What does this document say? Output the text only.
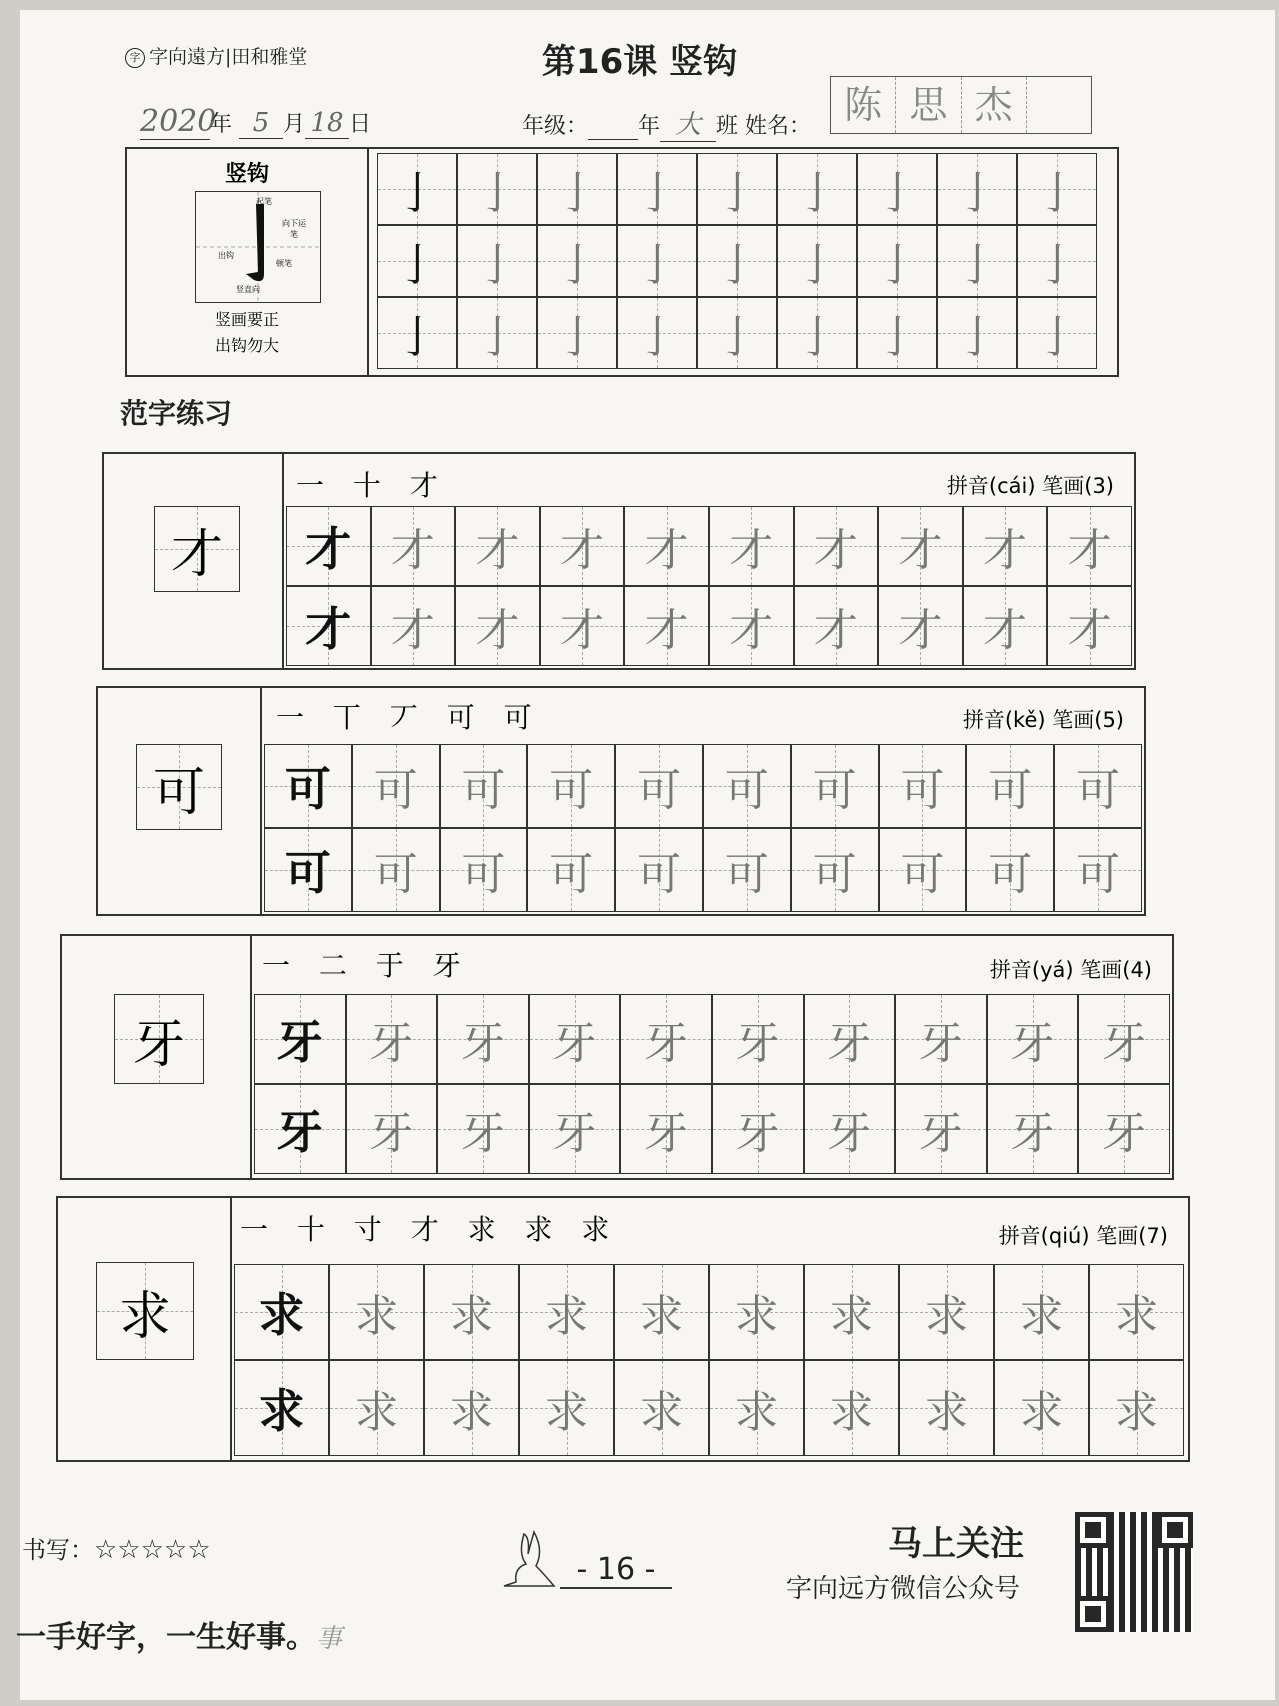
字 字向遠方|田和雅堂	第16课 竖钩
2020年 5 月 18 日	年级： 年 大 班 姓名： 陈 思 杰
竖钩
起笔
向下运笔
出钩
顿笔
竖直向
竖画要正
出钩勿大
亅 亅 亅 亅 亅 亅 亅 亅 亅
亅 亅 亅 亅 亅 亅 亅 亅 亅
亅 亅 亅 亅 亅 亅 亅 亅 亅
范字练习
才
一 十 才	拼音(cái) 笔画(3)
才 才 才 才 才 才 才 才 才 才
才 才 才 才 才 才 才 才 才 才
可
一 丅 丆 可 可	拼音(kě) 笔画(5)
可 可 可 可 可 可 可 可 可 可
可 可 可 可 可 可 可 可 可 可
牙
一 二 于 牙	拼音(yá) 笔画(4)
牙	牙	牙	牙	牙	牙	牙	牙	牙	牙
牙	牙	牙	牙	牙	牙	牙	牙	牙	牙
求
一 十 寸 才 求 求 求	拼音(qiú) 笔画(7)
求	求	求	求	求	求	求	求	求	求
求	求	求	求	求	求	求	求	求	求
书写：☆☆☆☆☆
一手好字，一生好事。事
- 16 -
马上关注
字向远方微信公众号
